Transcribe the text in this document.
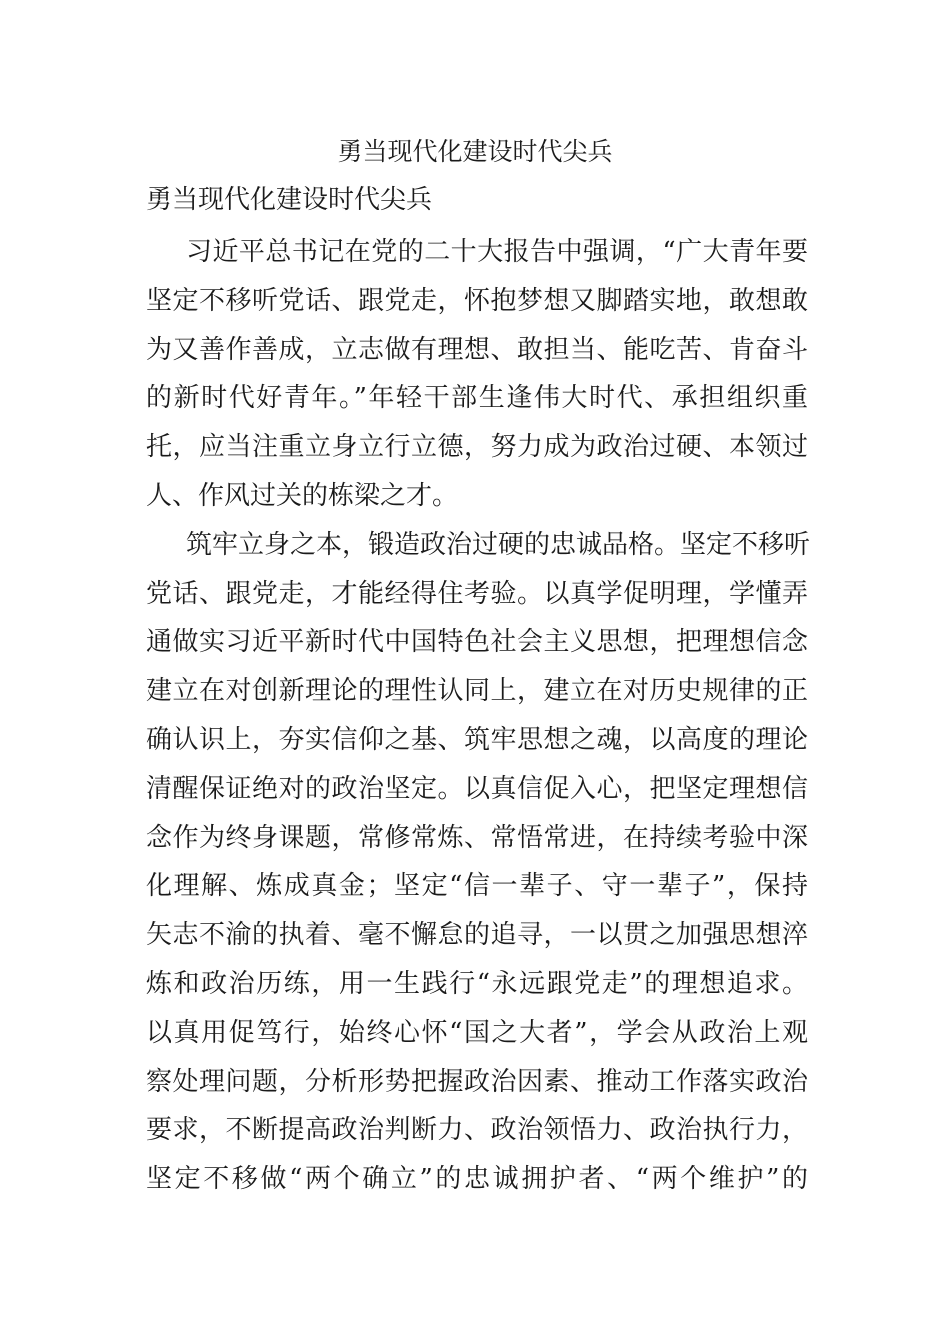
勇当现代化建设时代尖兵
勇当现代化建设时代尖兵
习近平总书记在党的二十大报告中强调，“广大青年要
坚定不移听党话、跟党走，怀抱梦想又脚踏实地，敢想敢
为又善作善成，立志做有理想、敢担当、能吃苦、肯奋斗
的新时代好青年。”年轻干部生逢伟大时代、承担组织重
托，应当注重立身立行立德，努力成为政治过硬、本领过
人、作风过关的栋梁之才。
筑牢立身之本，锻造政治过硬的忠诚品格。坚定不移听
党话、跟党走，才能经得住考验。以真学促明理，学懂弄
通做实习近平新时代中国特色社会主义思想，把理想信念
建立在对创新理论的理性认同上，建立在对历史规律的正
确认识上，夯实信仰之基、筑牢思想之魂，以高度的理论
清醒保证绝对的政治坚定。以真信促入心，把坚定理想信
念作为终身课题，常修常炼、常悟常进，在持续考验中深
化理解、炼成真金；坚定“信一辈子、守一辈子”，保持
矢志不渝的执着、毫不懈怠的追寻，一以贯之加强思想淬
炼和政治历练，用一生践行“永远跟党走”的理想追求。
以真用促笃行，始终心怀“国之大者”，学会从政治上观
察处理问题，分析形势把握政治因素、推动工作落实政治
要求，不断提高政治判断力、政治领悟力、政治执行力，
坚定不移做“两个确立”的忠诚拥护者、“两个维护”的
